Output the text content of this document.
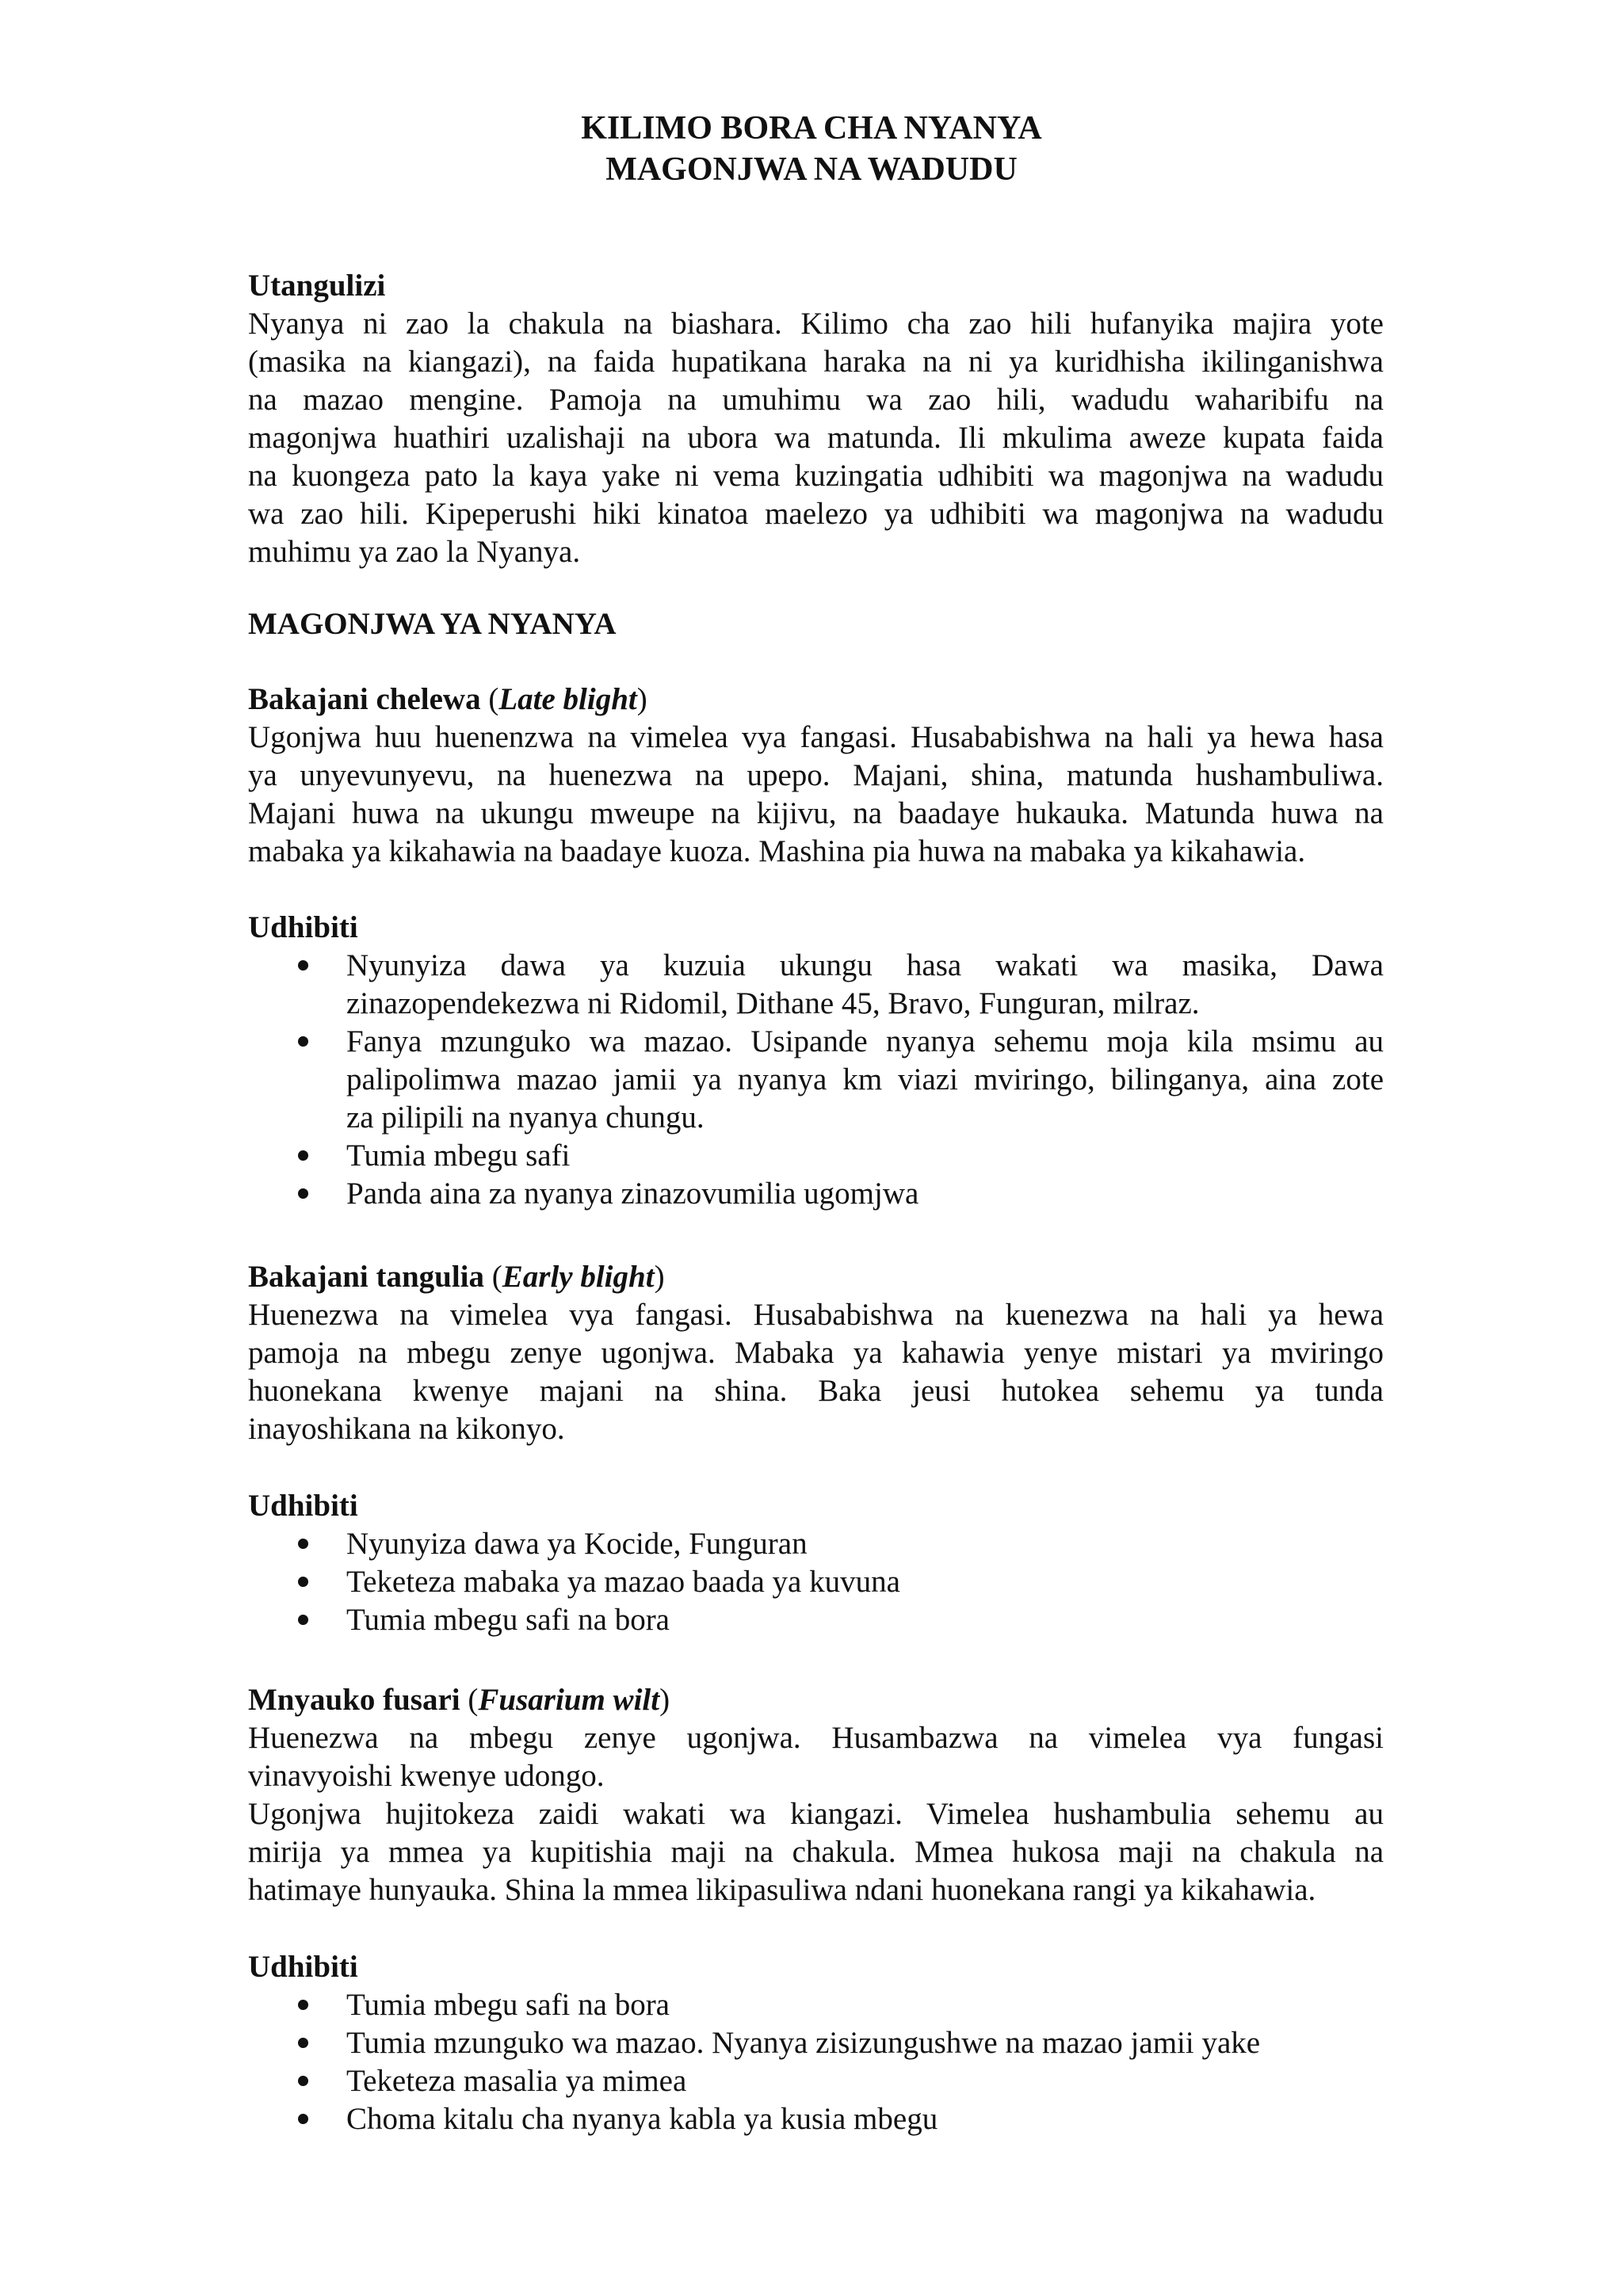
KILIMO BORA CHA NYANYA
MAGONJWA NA WADUDU
Utangulizi
Nyanya ni zao la chakula na biashara. Kilimo cha zao hili hufanyika majira yote
(masika na kiangazi), na faida hupatikana haraka na ni ya kuridhisha ikilinganishwa
na mazao mengine. Pamoja na umuhimu wa zao hili, wadudu waharibifu na
magonjwa huathiri uzalishaji na ubora wa matunda. Ili mkulima aweze kupata faida
na kuongeza pato la kaya yake ni vema kuzingatia udhibiti wa magonjwa na wadudu
wa zao hili. Kipeperushi hiki kinatoa maelezo ya udhibiti wa magonjwa na wadudu
muhimu ya zao la Nyanya.
MAGONJWA YA NYANYA
Bakajani chelewa (Late blight)
Ugonjwa huu huenenzwa na vimelea vya fangasi. Husababishwa na hali ya hewa hasa
ya unyevunyevu, na huenezwa na upepo. Majani, shina, matunda hushambuliwa.
Majani huwa na ukungu mweupe na kijivu, na baadaye hukauka. Matunda huwa na
mabaka ya kikahawia na baadaye kuoza. Mashina pia huwa na mabaka ya kikahawia.
Udhibiti
Nyunyiza dawa ya kuzuia ukungu hasa wakati wa masika, Dawa
zinazopendekezwa ni Ridomil, Dithane 45, Bravo, Funguran, milraz.
Fanya mzunguko wa mazao. Usipande nyanya sehemu moja kila msimu au
palipolimwa mazao jamii ya nyanya km viazi mviringo, bilinganya, aina zote
za pilipili na nyanya chungu.
Tumia mbegu safi
Panda aina za nyanya zinazovumilia ugomjwa
Bakajani tangulia (Early blight)
Huenezwa na vimelea vya fangasi. Husababishwa na kuenezwa na hali ya hewa
pamoja na mbegu zenye ugonjwa. Mabaka ya kahawia yenye mistari ya mviringo
huonekana kwenye majani na shina. Baka jeusi hutokea sehemu ya tunda
inayoshikana na kikonyo.
Udhibiti
Nyunyiza dawa ya Kocide, Funguran
Teketeza mabaka ya mazao baada ya kuvuna
Tumia mbegu safi na bora
Mnyauko fusari (Fusarium wilt)
Huenezwa na mbegu zenye ugonjwa. Husambazwa na vimelea vya fungasi
vinavyoishi kwenye udongo.
Ugonjwa hujitokeza zaidi wakati wa kiangazi. Vimelea hushambulia sehemu au
mirija ya mmea ya kupitishia maji na chakula. Mmea hukosa maji na chakula na
hatimaye hunyauka. Shina la mmea likipasuliwa ndani huonekana rangi ya kikahawia.
Udhibiti
Tumia mbegu safi na bora
Tumia mzunguko wa mazao. Nyanya zisizungushwe na mazao jamii yake
Teketeza masalia ya mimea
Choma kitalu cha nyanya kabla ya kusia mbegu
